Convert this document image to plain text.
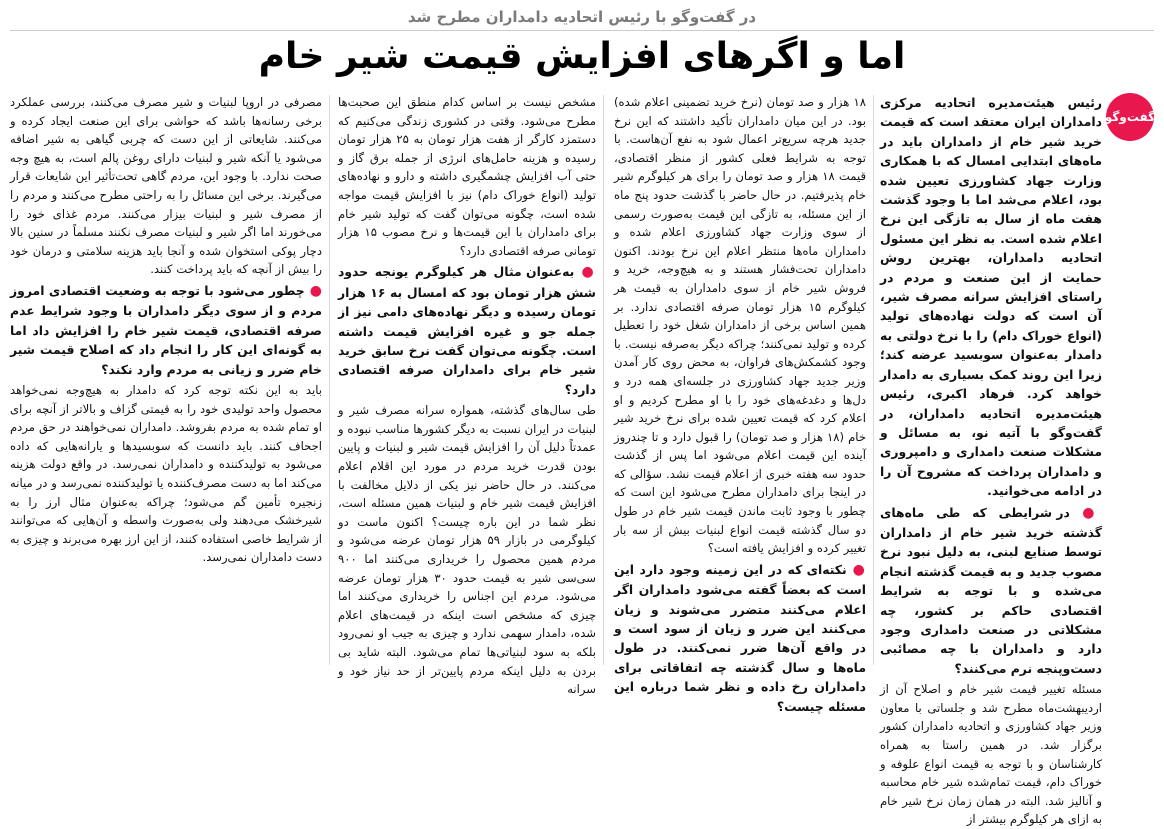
در گفت‌وگو با رئیس اتحادیه دامداران مطرح شد
اما و اگرهای افزایش قیمت شیر خام
گفت‌وگو

رئیس هیئت‌مدیره اتحادیه مرکزی دامداران ایران معتقد است که قیمت خرید شیر خام از دامداران باید در ماه‌های ابتدایی امسال که با همکاری وزارت جهاد کشاورزی تعیین شده بود، اعلام می‌شد اما با وجود گذشت هفت ماه از سال به تازگی این نرخ اعلام شده است. به نظر این مسئول اتحادیه دامداران، بهترین روش حمایت از این صنعت و مردم در راستای افزایش سرانه مصرف شیر، آن است که دولت نهاده‌های تولید (انواع خوراک دام) را با نرخ دولتی به دامدار به‌عنوان سوبسید عرضه کند؛ زیرا این روند کمک بسیاری به دامدار خواهد کرد. فرهاد اکبری، رئیس هیئت‌مدیره اتحادیه دامداران، در گفت‌وگو با آتیه نو، به مسائل و مشکلات صنعت دامداری و دامپروری و دامداران پرداخت که مشروح آن را در ادامه می‌خوانید.

● در شرایطی که طی ماه‌های گذشته خرید شیر خام از دامداران توسط صنایع لبنی، به دلیل نبود نرخ مصوب جدید و به قیمت گذشته انجام می‌شده و با توجه به شرایط اقتصادی حاکم بر کشور، چه مشکلاتی در صنعت دامداری وجود دارد و دامداران با چه مصائبی دست‌وپنجه نرم می‌کنند؟

مسئله تغییر قیمت شیر خام و اصلاح آن از اردیبهشت‌ماه مطرح شد و جلساتی با معاون وزیر جهاد کشاورزی و اتحادیه دامداران کشور برگزار شد. در همین راستا به همراه کارشناسان و با توجه به قیمت انواع علوفه و خوراک دام، قیمت تمام‌شده شیر خام محاسبه و آنالیز شد. البته در همان زمان نرخ شیر خام به ازای هر کیلوگرم بیشتر از

۱۸ هزار و صد تومان (نرخ خرید تضمینی اعلام شده) بود. در این میان دامداران تأکید داشتند که این نرخ جدید هرچه سریع‌تر اعمال شود به نفع آن‌هاست. با توجه به شرایط فعلی کشور از منظر اقتصادی، قیمت ۱۸ هزار و صد تومان را برای هر کیلوگرم شیر خام پذیرفتیم. در حال حاضر با گذشت حدود پنج ماه از این مسئله، به تازگی این قیمت به‌صورت رسمی از سوی وزارت جهاد کشاورزی اعلام شده و دامداران ماه‌ها منتظر اعلام این نرخ بودند. اکنون دامداران تحت‌فشار هستند و به هیچ‌وجه، خرید و فروش شیر خام از سوی دامداران به قیمت هر کیلوگرم ۱۵ هزار تومان صرفه اقتصادی ندارد. بر همین اساس برخی از دامداران شغل خود را تعطیل کرده و تولید نمی‌کنند؛ چراکه دیگر به‌صرفه نیست. با وجود کشمکش‌های فراوان، به محض روی کار آمدن وزیر جدید جهاد کشاورزی در جلسه‌ای همه درد و دل‌ها و دغدغه‌های خود را با او مطرح کردیم و او اعلام کرد که قیمت تعیین شده برای نرخ خرید شیر خام (۱۸ هزار و صد تومان) را قبول دارد و تا چندروز آینده این قیمت اعلام می‌شود اما پس از گذشت حدود سه هفته خبری از اعلام قیمت نشد. سؤالی که در اینجا برای دامداران مطرح می‌شود این است که چطور با وجود ثابت ماندن قیمت شیر خام در طول دو سال گذشته قیمت انواع لبنیات بیش از سه بار تغییر کرده و افزایش یافته است؟

● نکته‌ای که در این زمینه وجود دارد این است که بعضاً گفته می‌شود دامداران اگر اعلام می‌کنند متضرر می‌شوند و زیان می‌کنند این ضرر و زیان از سود است و در واقع آن‌ها ضرر نمی‌کنند. در طول ماه‌ها و سال گذشته چه اتفاقاتی برای دامداران رخ داده و نظر شما درباره این مسئله چیست؟

مشخص نیست بر اساس کدام منطق این صحبت‌ها مطرح می‌شود. وقتی در کشوری زندگی می‌کنیم که دستمزد کارگر از هفت هزار تومان به ۲۵ هزار تومان رسیده و هزینه حامل‌های انرژی از جمله برق گاز و حتی آب افزایش چشمگیری داشته و دارو و نهاده‌های تولید (انواع خوراک دام) نیز با افزایش قیمت مواجه شده است، چگونه می‌توان گفت که تولید شیر خام برای دامداران با این قیمت‌ها و نرخ مصوب ۱۵ هزار تومانی صرفه اقتصادی دارد؟

● به‌عنوان مثال هر کیلوگرم یونجه حدود شش هزار تومان بود که امسال به ۱۶ هزار تومان رسیده و دیگر نهاده‌های دامی نیز از جمله جو و غیره افزایش قیمت داشته است. چگونه می‌توان گفت نرخ سابق خرید شیر خام برای دامداران صرفه اقتصادی دارد؟

طی سال‌های گذشته، همواره سرانه مصرف شیر و لبنیات در ایران نسبت به دیگر کشورها مناسب نبوده و عمدتاً دلیل آن را افزایش قیمت شیر و لبنیات و پایین بودن قدرت خرید مردم در مورد این اقلام اعلام می‌کنند. در حال حاضر نیز یکی از دلایل مخالفت با افزایش قیمت شیر خام و لبنیات همین مسئله است، نظر شما در این باره چیست؟ اکنون ماست دو کیلوگرمی در بازار ۵۹ هزار تومان عرضه می‌شود و مردم همین محصول را خریداری می‌کنند اما ۹۰۰ سی‌سی شیر به قیمت حدود ۳۰ هزار تومان عرضه می‌شود. مردم این اجناس را خریداری می‌کنند اما چیزی که مشخص است اینکه در قیمت‌های اعلام شده، دامدار سهمی ندارد و چیزی به جیب او نمی‌رود بلکه به سود لبنیاتی‌ها تمام می‌شود. البته شاید بی بردن به دلیل اینکه مردم پایین‌تر از حد نیاز خود و سرانه

مصرفی در اروپا لبنیات و شیر مصرف می‌کنند، بررسی عملکرد برخی رسانه‌ها باشد که حواشی برای این صنعت ایجاد کرده و می‌کنند. شایعاتی از این دست که چربی گیاهی به شیر اضافه می‌شود یا آنکه شیر و لبنیات دارای روغن پالم است، به هیچ وجه صحت ندارد. با وجود این، مردم گاهی تحت‌تأثیر این شایعات قرار می‌گیرند. برخی این مسائل را به راحتی مطرح می‌کنند و مردم را از مصرف شیر و لبنیات بیزار می‌کنند. مردم غذای خود را می‌خورند اما اگر شیر و لبنیات مصرف نکنند مسلماً در سنین بالا دچار پوکی استخوان شده و آنجا باید هزینه سلامتی و درمان خود را بیش از آنچه که باید پرداخت کنند.

● چطور می‌شود با توجه به وضعیت اقتصادی امروز مردم و از سوی دیگر دامداران با وجود شرایط عدم صرفه اقتصادی، قیمت شیر خام را افزایش داد اما به گونه‌ای این کار را انجام داد که اصلاح قیمت شیر خام ضرر و زیانی به مردم وارد نکند؟

باید به این نکته توجه کرد که دامدار به هیچ‌وجه نمی‌خواهد محصول واحد تولیدی خود را به قیمتی گزاف و بالاتر از آنچه برای او تمام شده به مردم بفروشد. دامداران نمی‌خواهند در حق مردم اجحاف کنند. باید دانست که سوبسیدها و یارانه‌هایی که داده می‌شود به تولیدکننده و دامداران نمی‌رسد. در واقع دولت هزینه می‌کند اما به دست مصرف‌کننده یا تولیدکننده نمی‌رسد و در میانه زنجیره تأمین گم می‌شود؛ چراکه به‌عنوان مثال ارز را به شیرخشک می‌دهند ولی به‌صورت واسطه و آن‌هایی که می‌توانند از شرایط خاصی استفاده کنند، از این ارز بهره می‌برند و چیزی به دست دامداران نمی‌رسد.
